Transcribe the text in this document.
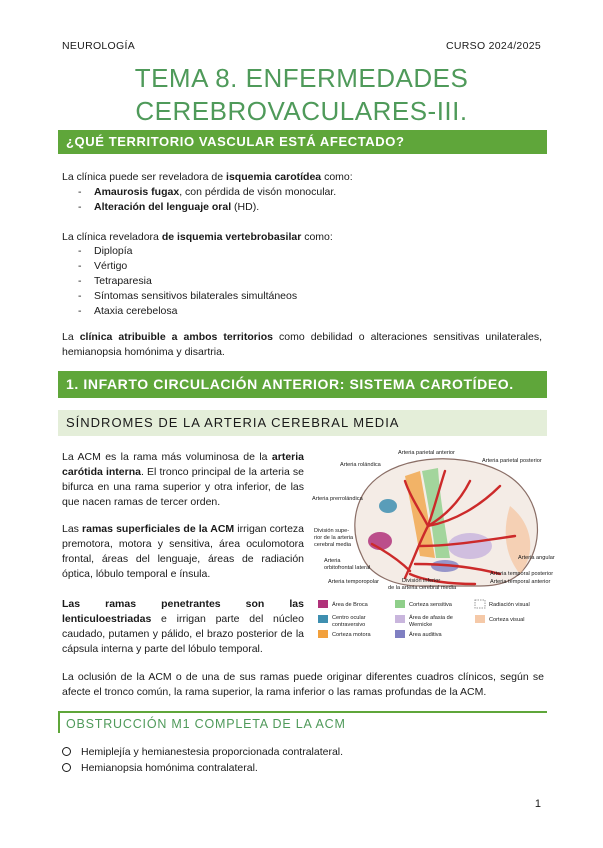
NEUROLOGÍA	CURSO 2024/2025
TEMA 8. ENFERMEDADES
CEREBROVACULARES-III.
¿QUÉ TERRITORIO VASCULAR ESTÁ AFECTADO?
La clínica puede ser reveladora de isquemia carotídea como:
- Amaurosis fugax, con pérdida de visón monocular.
- Alteración del lenguaje oral (HD).
La clínica reveladora de isquemia vertebrobasilar como:
- Diplopía
- Vértigo
- Tetraparesia
- Síntomas sensitivos bilaterales simultáneos
- Ataxia cerebelosa
La clínica atribuible a ambos territorios como debilidad o alteraciones sensitivas unilaterales, hemianopsia homónima y disartria.
1. INFARTO CIRCULACIÓN ANTERIOR: SISTEMA CAROTÍDEO.
SÍNDROMES DE LA ARTERIA CEREBRAL MEDIA
La ACM es la rama más voluminosa de la arteria carótida interna. El tronco principal de la arteria se bifurca en una rama superior y otra inferior, de las que nacen ramas de tercer orden.
Las ramas superficiales de la ACM irrigan corteza premotora, motora y sensitiva, área oculomotora frontal, áreas del lenguaje, áreas de radiación óptica, lóbulo temporal e ínsula.
Las ramas penetrantes son las lenticuloestriadas e irrigan parte del núcleo caudado, putamen y pálido, el brazo posterior de la cápsula interna y parte del lóbulo temporal.
Arteria rolándica
Arteria parietal anterior
Arteria parietal posterior
Arteria prerrolándica
División supe-
rior de la arteria
cerebral media
Arteria angular
Arteria
orbitofrontal lateral
Arteria temporal posterior
Arteria temporopolar	División inferior
de la arteria cerebral media
Arteria temporal anterior
Área de Broca	Corteza sensitiva	Radiación visual
Centro ocular
contraversivo
Área de afasia de
Wernicke
Corteza visual
Corteza motora	Área auditiva
La oclusión de la ACM o de una de sus ramas puede originar diferentes cuadros clínicos, según se afecte el tronco común, la rama superior, la rama inferior o las ramas profundas de la ACM.
OBSTRUCCIÓN M1 COMPLETA DE LA ACM
Hemiplejía y hemianestesia proporcionada contralateral.
Hemianopsia homónima contralateral.
1
